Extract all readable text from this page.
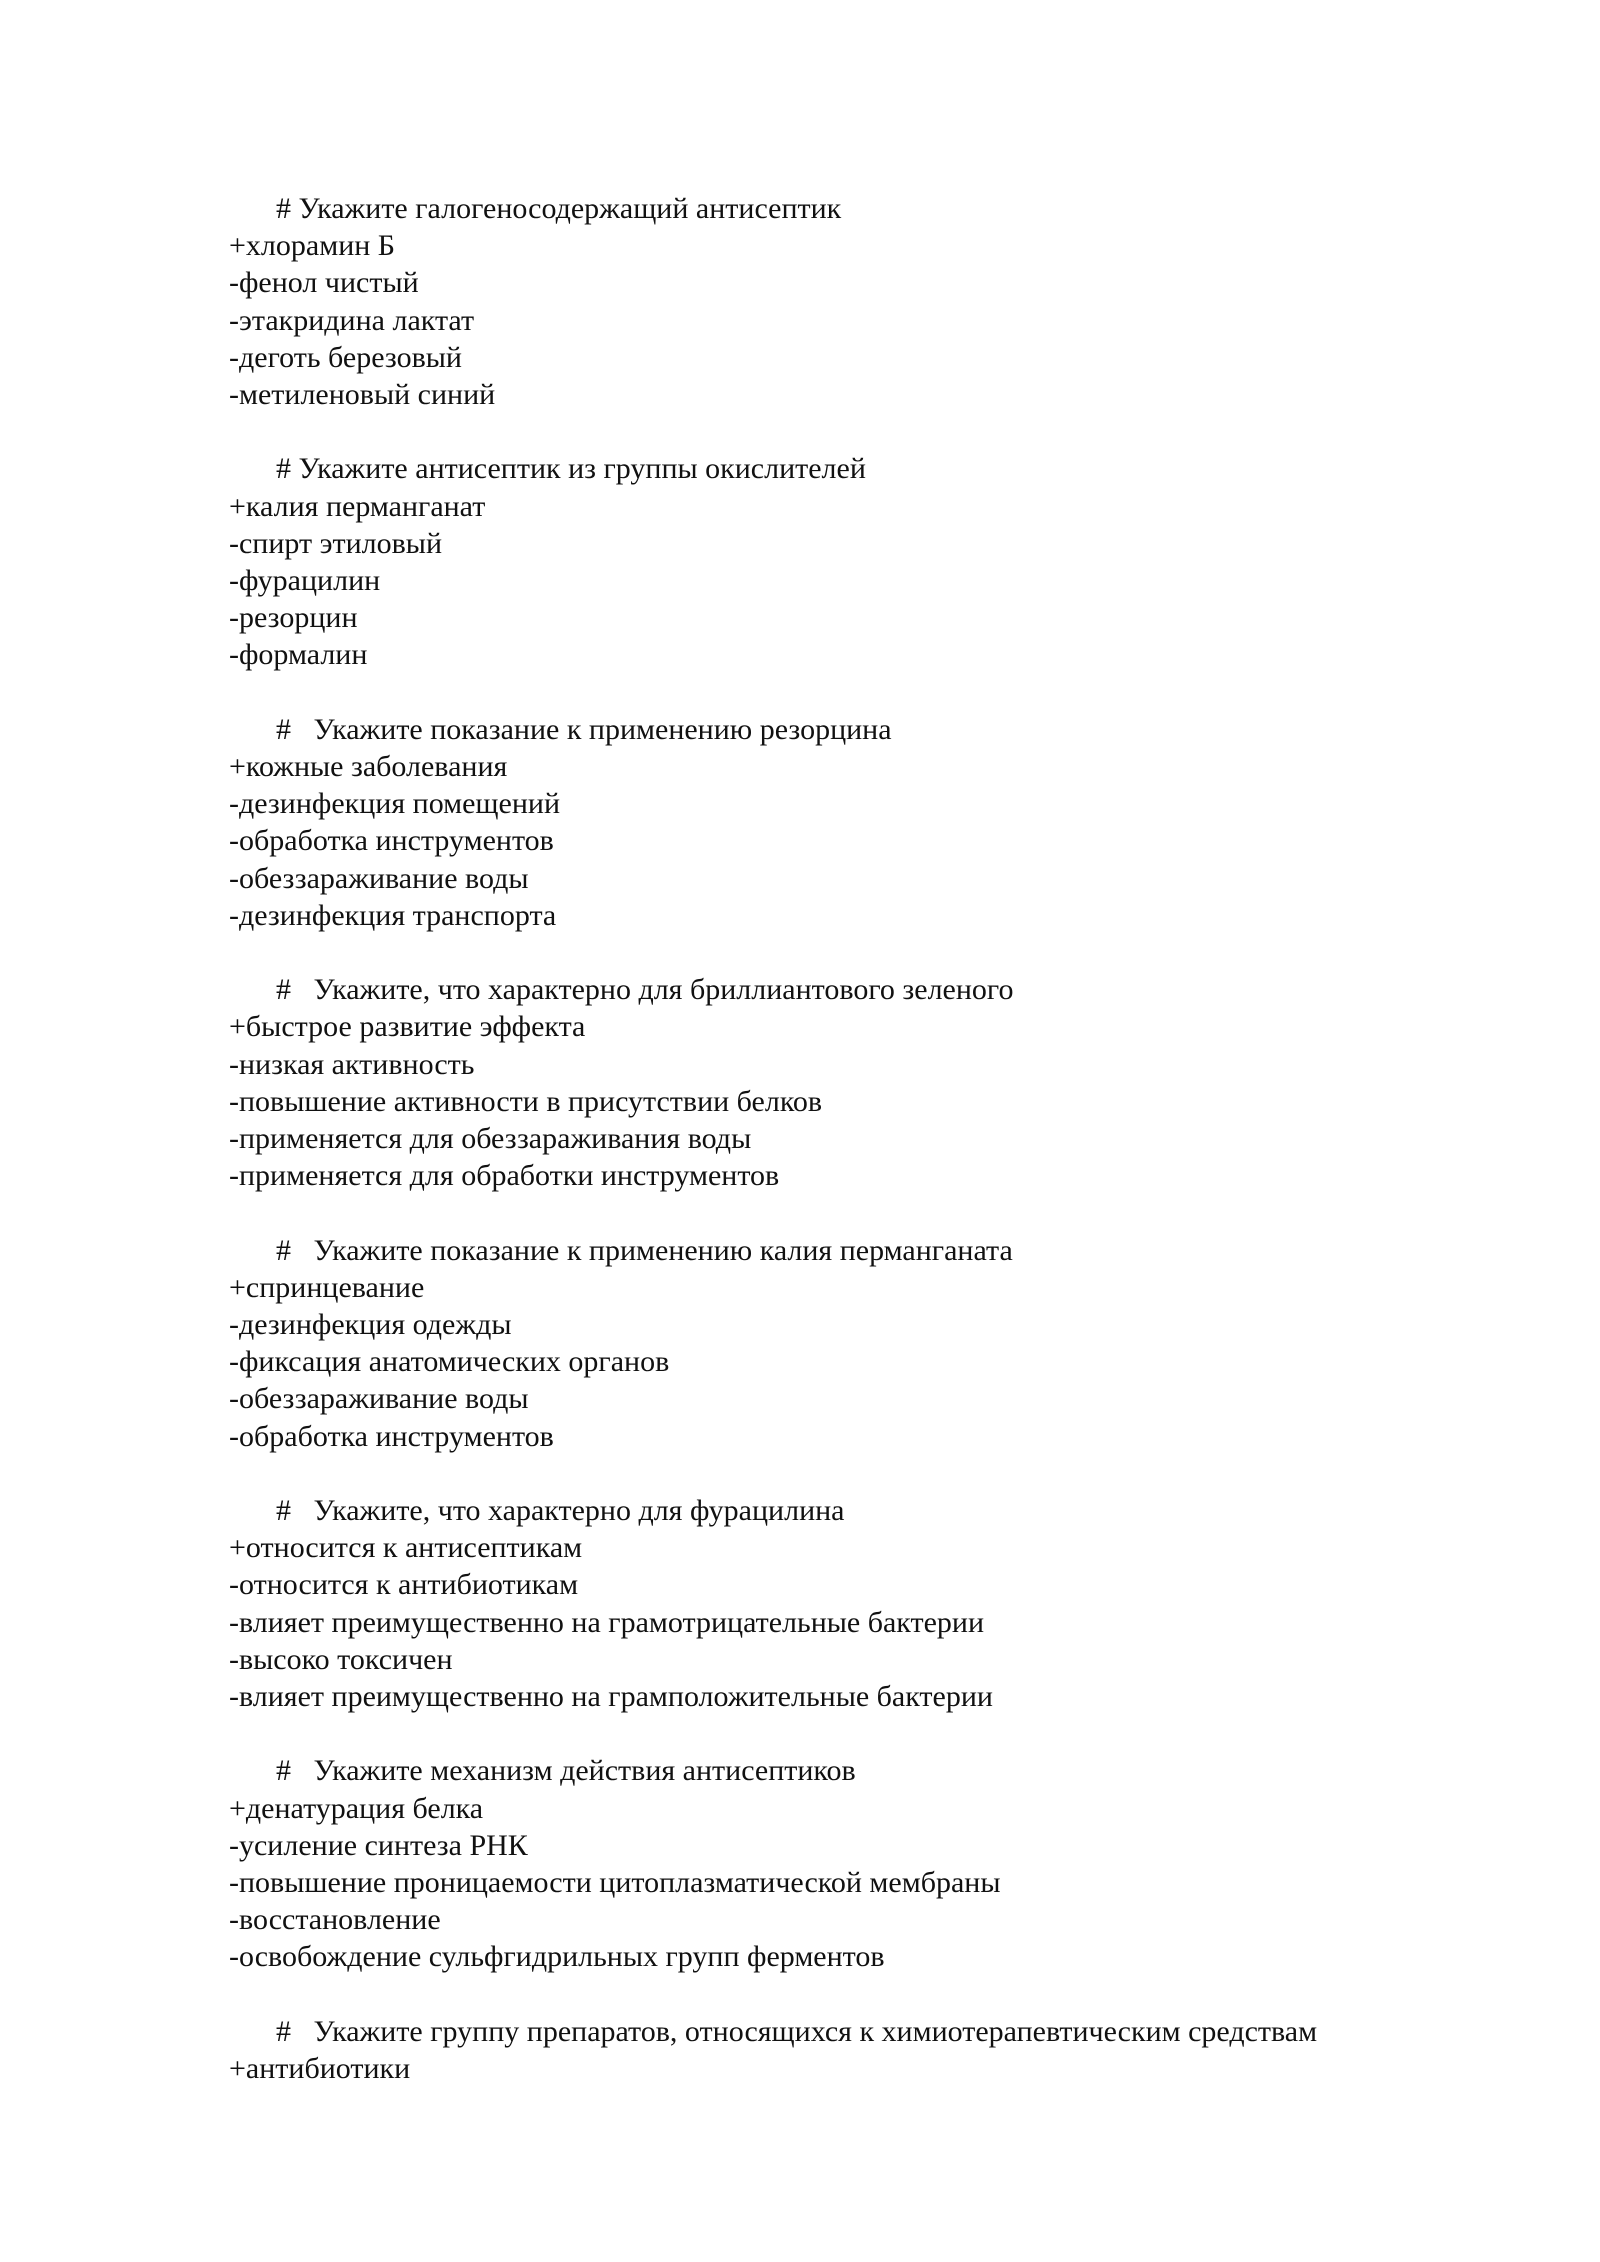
# Укажите галогеносодержащий антисептик
+хлорамин Б
-фенол чистый
-этакридина лактат
-деготь березовый
-метиленовый синий
# Укажите антисептик из группы окислителей
+калия перманганат
-спирт этиловый
-фурацилин
-резорцин
-формалин
#   Укажите показание к применению резорцина
+кожные заболевания
-дезинфекция помещений
-обработка инструментов
-обеззараживание воды
-дезинфекция транспорта
#   Укажите, что характерно для бриллиантового зеленого
+быстрое развитие эффекта
-низкая активность
-повышение активности в присутствии белков
-применяется для обеззараживания воды
-применяется для обработки инструментов
#   Укажите показание к применению калия перманганата
+спринцевание
-дезинфекция одежды
-фиксация анатомических органов
-обеззараживание воды
-обработка инструментов
#   Укажите, что характерно для фурацилина
+относится к антисептикам
-относится к антибиотикам
-влияет преимущественно на грамотрицательные бактерии
-высоко токсичен
-влияет преимущественно на грамположительные бактерии
#   Укажите механизм действия антисептиков
+денатурация белка
-усиление синтеза РНК
-повышение проницаемости цитоплазматической мембраны
-восстановление
-освобождение сульфгидрильных групп ферментов
#   Укажите группу препаратов, относящихся к химиотерапевтическим средствам
+антибиотики
